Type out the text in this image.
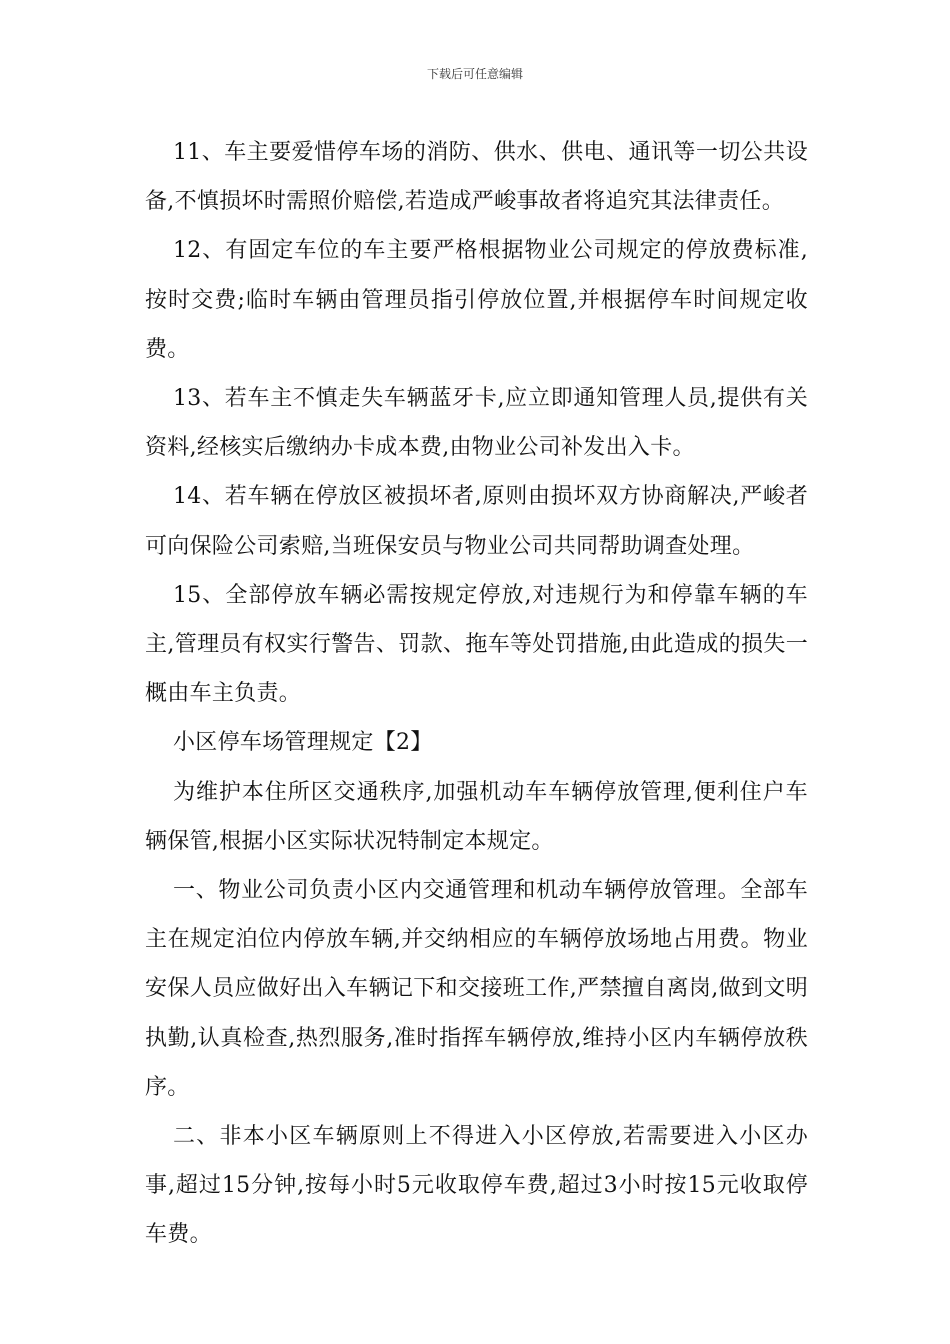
下载后可任意编辑

11、车主要爱惜停车场的消防、供水、供电、通讯等一切公共设备,不慎损坏时需照价赔偿,若造成严峻事故者将追究其法律责任。

12、有固定车位的车主要严格根据物业公司规定的停放费标准,按时交费;临时车辆由管理员指引停放位置,并根据停车时间规定收费。

13、若车主不慎走失车辆蓝牙卡,应立即通知管理人员,提供有关资料,经核实后缴纳办卡成本费,由物业公司补发出入卡。

14、若车辆在停放区被损坏者,原则由损坏双方协商解决,严峻者可向保险公司索赔,当班保安员与物业公司共同帮助调查处理。

15、全部停放车辆必需按规定停放,对违规行为和停靠车辆的车主,管理员有权实行警告、罚款、拖车等处罚措施,由此造成的损失一概由车主负责。

小区停车场管理规定【2】

为维护本住所区交通秩序,加强机动车车辆停放管理,便利住户车辆保管,根据小区实际状况特制定本规定。

一、物业公司负责小区内交通管理和机动车辆停放管理。全部车主在规定泊位内停放车辆,并交纳相应的车辆停放场地占用费。物业安保人员应做好出入车辆记下和交接班工作,严禁擅自离岗,做到文明执勤,认真检查,热烈服务,准时指挥车辆停放,维持小区内车辆停放秩序。

二、非本小区车辆原则上不得进入小区停放,若需要进入小区办事,超过15分钟,按每小时5元收取停车费,超过3小时按15元收取停车费。
